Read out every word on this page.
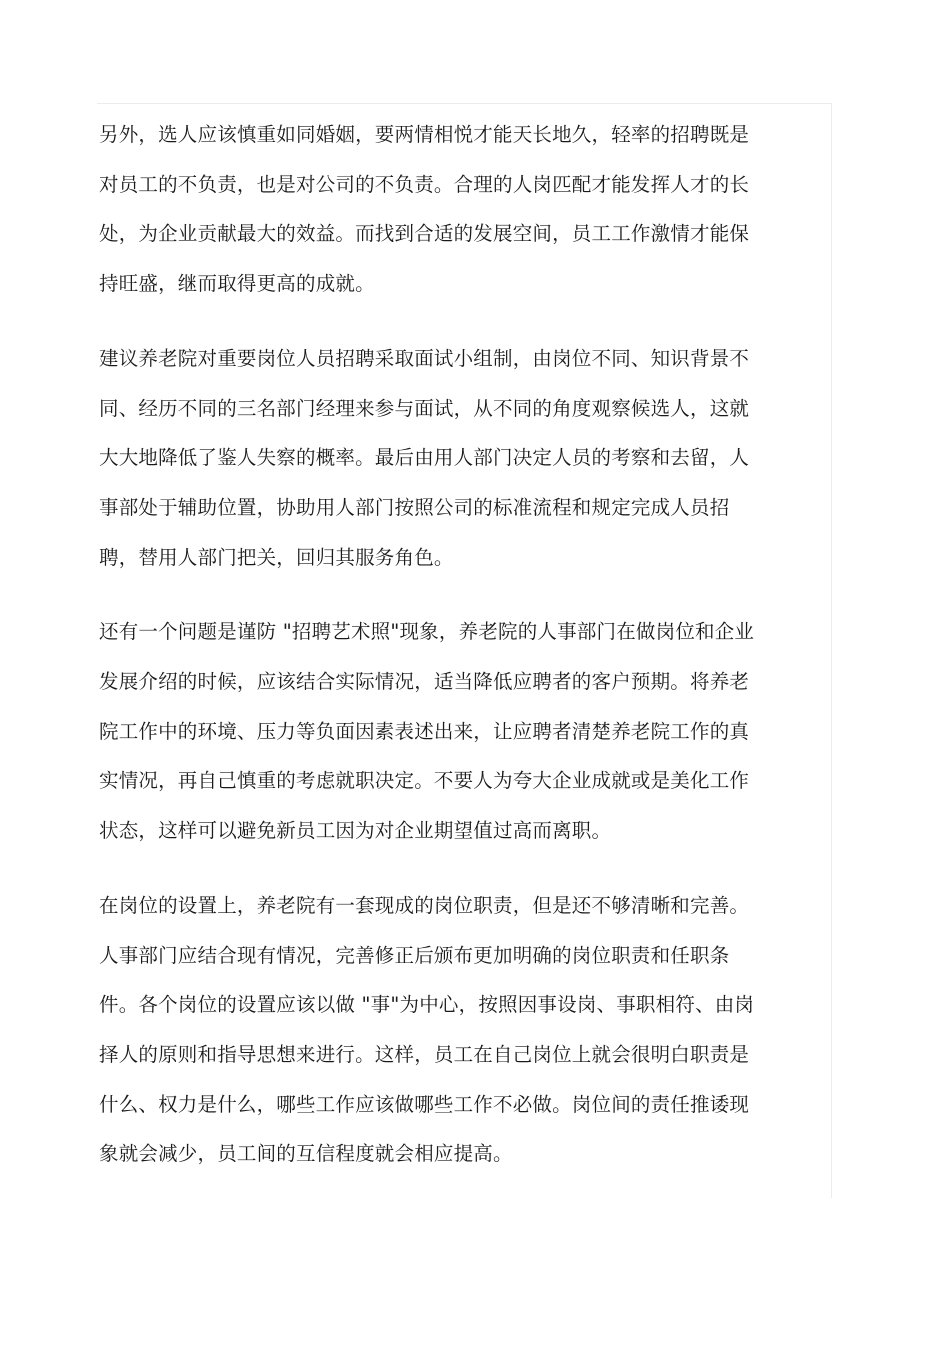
另外，选人应该慎重如同婚姻，要两情相悦才能天长地久，轻率的招聘既是
对员工的不负责，也是对公司的不负责。合理的人岗匹配才能发挥人才的长
处，为企业贡献最大的效益。而找到合适的发展空间，员工工作激情才能保
持旺盛，继而取得更高的成就。
建议养老院对重要岗位人员招聘采取面试小组制，由岗位不同、知识背景不
同、经历不同的三名部门经理来参与面试，从不同的角度观察候选人，这就
大大地降低了鉴人失察的概率。最后由用人部门决定人员的考察和去留，人
事部处于辅助位置，协助用人部门按照公司的标准流程和规定完成人员招
聘，替用人部门把关，回归其服务角色。
还有一个问题是谨防 "招聘艺术照"现象，养老院的人事部门在做岗位和企业
发展介绍的时候，应该结合实际情况，适当降低应聘者的客户预期。将养老
院工作中的环境、压力等负面因素表述出来，让应聘者清楚养老院工作的真
实情况，再自己慎重的考虑就职决定。不要人为夸大企业成就或是美化工作
状态，这样可以避免新员工因为对企业期望值过高而离职。
在岗位的设置上，养老院有一套现成的岗位职责，但是还不够清晰和完善。
人事部门应结合现有情况，完善修正后颁布更加明确的岗位职责和任职条
件。各个岗位的设置应该以做 "事"为中心，按照因事设岗、事职相符、由岗
择人的原则和指导思想来进行。这样，员工在自己岗位上就会很明白职责是
什么、权力是什么，哪些工作应该做哪些工作不必做。岗位间的责任推诿现
象就会减少，员工间的互信程度就会相应提高。
